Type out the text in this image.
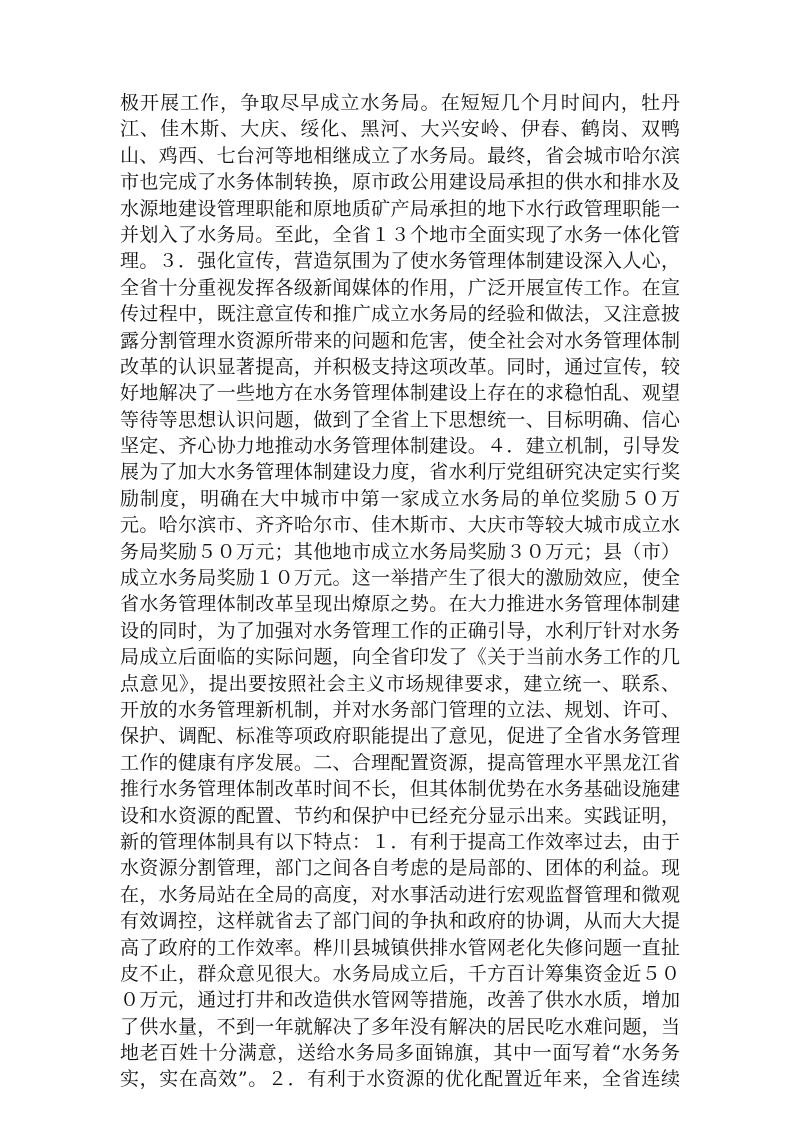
极开展工作，争取尽早成立水务局。在短短几个月时间内，牡丹
江、佳木斯、大庆、绥化、黑河、大兴安岭、伊春、鹤岗、双鸭
山、鸡西、七台河等地相继成立了水务局。最终，省会城市哈尔滨
市也完成了水务体制转换，原市政公用建设局承担的供水和排水及
水源地建设管理职能和原地质矿产局承担的地下水行政管理职能一
并划入了水务局。至此，全省１３个地市全面实现了水务一体化管
理。３．强化宣传，营造氛围为了使水务管理体制建设深入人心，
全省十分重视发挥各级新闻媒体的作用，广泛开展宣传工作。在宣
传过程中，既注意宣传和推广成立水务局的经验和做法，又注意披
露分割管理水资源所带来的问题和危害，使全社会对水务管理体制
改革的认识显著提高，并积极支持这项改革。同时，通过宣传，较
好地解决了一些地方在水务管理体制建设上存在的求稳怕乱、观望
等待等思想认识问题，做到了全省上下思想统一、目标明确、信心
坚定、齐心协力地推动水务管理体制建设。４．建立机制，引导发
展为了加大水务管理体制建设力度，省水利厅党组研究决定实行奖
励制度，明确在大中城市中第一家成立水务局的单位奖励５０万
元。哈尔滨市、齐齐哈尔市、佳木斯市、大庆市等较大城市成立水
务局奖励５０万元；其他地市成立水务局奖励３０万元；县（市）
成立水务局奖励１０万元。这一举措产生了很大的激励效应，使全
省水务管理体制改革呈现出燎原之势。在大力推进水务管理体制建
设的同时，为了加强对水务管理工作的正确引导，水利厅针对水务
局成立后面临的实际问题，向全省印发了《关于当前水务工作的几
点意见》，提出要按照社会主义市场规律要求，建立统一、联系、
开放的水务管理新机制，并对水务部门管理的立法、规划、许可、
保护、调配、标准等项政府职能提出了意见，促进了全省水务管理
工作的健康有序发展。二、合理配置资源，提高管理水平黑龙江省
推行水务管理体制改革时间不长，但其体制优势在水务基础设施建
设和水资源的配置、节约和保护中已经充分显示出来。实践证明，
新的管理体制具有以下特点：１．有利于提高工作效率过去，由于
水资源分割管理，部门之间各自考虑的是局部的、团体的利益。现
在，水务局站在全局的高度，对水事活动进行宏观监督管理和微观
有效调控，这样就省去了部门间的争执和政府的协调，从而大大提
高了政府的工作效率。桦川县城镇供排水管网老化失修问题一直扯
皮不止，群众意见很大。水务局成立后，千方百计筹集资金近５０
０万元，通过打井和改造供水管网等措施，改善了供水水质，增加
了供水量，不到一年就解决了多年没有解决的居民吃水难问题，当
地老百姓十分满意，送给水务局多面锦旗，其中一面写着“水务务
实，实在高效”。２．有利于水资源的优化配置近年来，全省连续
